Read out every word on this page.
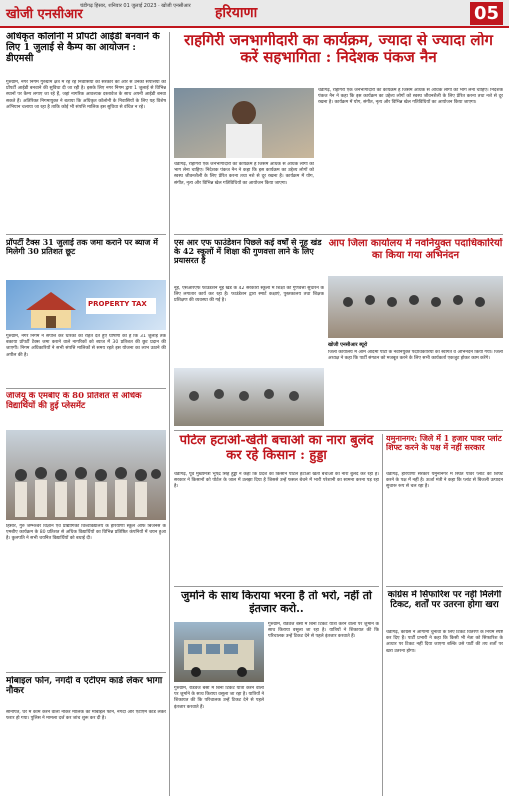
खोजी एनसीआर
चंडीगढ़ हिसार, शनिवार 01 जुलाई 2023 · खोजी एनसीआर	हरियाणा	05
अधिकृत कॉलोनी में प्रॉपर्टी आईडी बनवाने के लिए 1 जुलाई से कैम्प का आयोजन : डीएमसी
गुरुग्राम, नगर निगम गुरुग्राम क्षेत्र में रह रहे निवासियों को सरकार की ओर से उनकी संपत्तियों की प्रॉपर्टी आईडी बनवाने की सुविधा दी जा रही है। इसके लिए नगर निगम द्वारा 1 जुलाई से विभिन्न स्थानों पर कैम्प लगाए जा रहे हैं, जहां नागरिक आवश्यक दस्तावेज के साथ अपनी आईडी बनवा सकते हैं। अतिरिक्त निगमायुक्त ने बताया कि अधिकृत कॉलोनी के निवासियों के लिए यह विशेष अभियान चलाया जा रहा है ताकि कोई भी संपत्ति मालिक इस सुविधा से वंचित न रहे।
प्रॉपर्टी टैक्स 31 जुलाई तक जमा कराने पर ब्याज में मिलेगी 30 प्रतिशत छूट
PROPERTY TAX
गुरुग्राम, नगर निगम ने संपत्ति कर धारकों को राहत देते हुए घोषणा की है कि 31 जुलाई तक बकाया प्रॉपर्टी टैक्स जमा कराने वाले नागरिकों को ब्याज में 30 प्रतिशत की छूट प्रदान की जाएगी। निगम अधिकारियों ने सभी संपत्ति मालिकों से समय रहते इस योजना का लाभ उठाने की अपील की है।
जीजेयू के एमबीए के 80 प्रतिशत से अधिक विद्यार्थियों की हुई प्लेसमेंट
हिसार, गुरु जम्भेश्वर विज्ञान एवं प्रौद्योगिकी विश्वविद्यालय के हरियाणा स्कूल ऑफ बिजनेस के एमबीए कार्यक्रम के 80 प्रतिशत से अधिक विद्यार्थियों का विभिन्न प्रतिष्ठित कंपनियों में चयन हुआ है। कुलपति ने सभी चयनित विद्यार्थियों को बधाई दी।
मोबाइल फोन, नगदी व एटीएम कार्ड लेकर भागा नौकर
सोनीपत, घर में काम करने वाला नौकर मालिक का मोबाइल फोन, नगदी और एटीएम कार्ड लेकर फरार हो गया। पुलिस ने मामला दर्ज कर जांच शुरू कर दी है।
राहगिरी जनभागीदारी का कार्यक्रम, ज्यादा से ज्यादा लोग करें सहभागिता : निदेशक पंकज नैन
चंडीगढ़, राहगिरी एक जनभागीदारी का कार्यक्रम है जिसमें अधिक से अधिक लोगों को भाग लेना चाहिए। निदेशक पंकज नैन ने कहा कि इस कार्यक्रम का उद्देश्य लोगों को स्वस्थ जीवनशैली के लिए प्रेरित करना तथा नशे से दूर रखना है। कार्यक्रम में योग, संगीत, नृत्य और विभिन्न खेल गतिविधियों का आयोजन किया जाएगा।
चंडीगढ़, राहगिरी एक जनभागीदारी का कार्यक्रम है जिसमें अधिक से अधिक लोगों को भाग लेना चाहिए। निदेशक पंकज नैन ने कहा कि इस कार्यक्रम का उद्देश्य लोगों को स्वस्थ जीवनशैली के लिए प्रेरित करना तथा नशे से दूर रखना है। कार्यक्रम में योग, संगीत, नृत्य और विभिन्न खेल गतिविधियों का आयोजन किया जाएगा।
एस आर एफ फाउंडेशन पिछले कई वर्षों से नूह खंड के 42 स्कूलों में शिक्षा की गुणवत्ता लाने के लिए प्रयासरत है
नूंह, एसआरएफ फाउंडेशन नूह खंड के 42 सरकारी स्कूलों में शिक्षा की गुणवत्ता सुधारने के लिए लगातार कार्य कर रहा है। फाउंडेशन द्वारा स्मार्ट कक्षाएं, पुस्तकालय तथा शिक्षक प्रशिक्षण की व्यवस्था की गई है।
आप जिला कार्यालय में नवनियुक्त पदाधिकारियों का किया गया अभिनंदन
खोजी एनसीआर ब्यूरो
जिला कार्यालय में आम आदमी पार्टी के नवनियुक्त पदाधिकारियों का स्वागत व अभिनंदन किया गया। जिला अध्यक्ष ने कहा कि पार्टी संगठन को मजबूत करने के लिए सभी कार्यकर्ता एकजुट होकर काम करेंगे।
पोर्टल हटाओ-खेती बचाओ का नारा बुलंद कर रहे किसान : हुड्डा
चंडीगढ़, पूर्व मुख्यमंत्री भूपेंद्र सिंह हुड्डा ने कहा कि प्रदेश का किसान पोर्टल हटाओ खेती बचाओ का नारा बुलंद कर रहा है। सरकार ने किसानों को पोर्टल के जाल में उलझा दिया है जिससे उन्हें फसल बेचने में भारी परेशानी का सामना करना पड़ रहा है।
जुर्माने के साथ किराया भरना है तो भरो, नहीं तो इंतजार करो..
गुरुग्राम, रोडवेज बसों में बिना टिकट यात्रा करने वालों पर जुर्माने के साथ किराया वसूला जा रहा है। यात्रियों ने शिकायत की कि परिचालक उन्हें टिकट देने से पहले इंतजार करवाते हैं।
गुरुग्राम, रोडवेज बसों में बिना टिकट यात्रा करने वालों पर जुर्माने के साथ किराया वसूला जा रहा है। यात्रियों ने शिकायत की कि परिचालक उन्हें टिकट देने से पहले इंतजार करवाते हैं।
यमुनानगर: जिले में 1 हजार पावर प्लांट शिफ्ट करने के पक्ष में नहीं सरकार
चंडीगढ़, हरियाणा सरकार यमुनानगर में स्थित पावर प्लांट को शिफ्ट करने के पक्ष में नहीं है। ऊर्जा मंत्री ने कहा कि प्लांट से बिजली उत्पादन सुचारू रूप से चल रहा है।
कांग्रेस में सिफारिश पर नहीं मिलेगी टिकट, शर्तों पर उतरना होगा खरा
चंडीगढ़, कांग्रेस ने आगामी चुनावों के लिए टिकट वितरण के नियम स्पष्ट कर दिए हैं। पार्टी प्रभारी ने कहा कि किसी भी नेता को सिफारिश के आधार पर टिकट नहीं दिया जाएगा बल्कि उसे पार्टी की तय शर्तों पर खरा उतरना होगा।
